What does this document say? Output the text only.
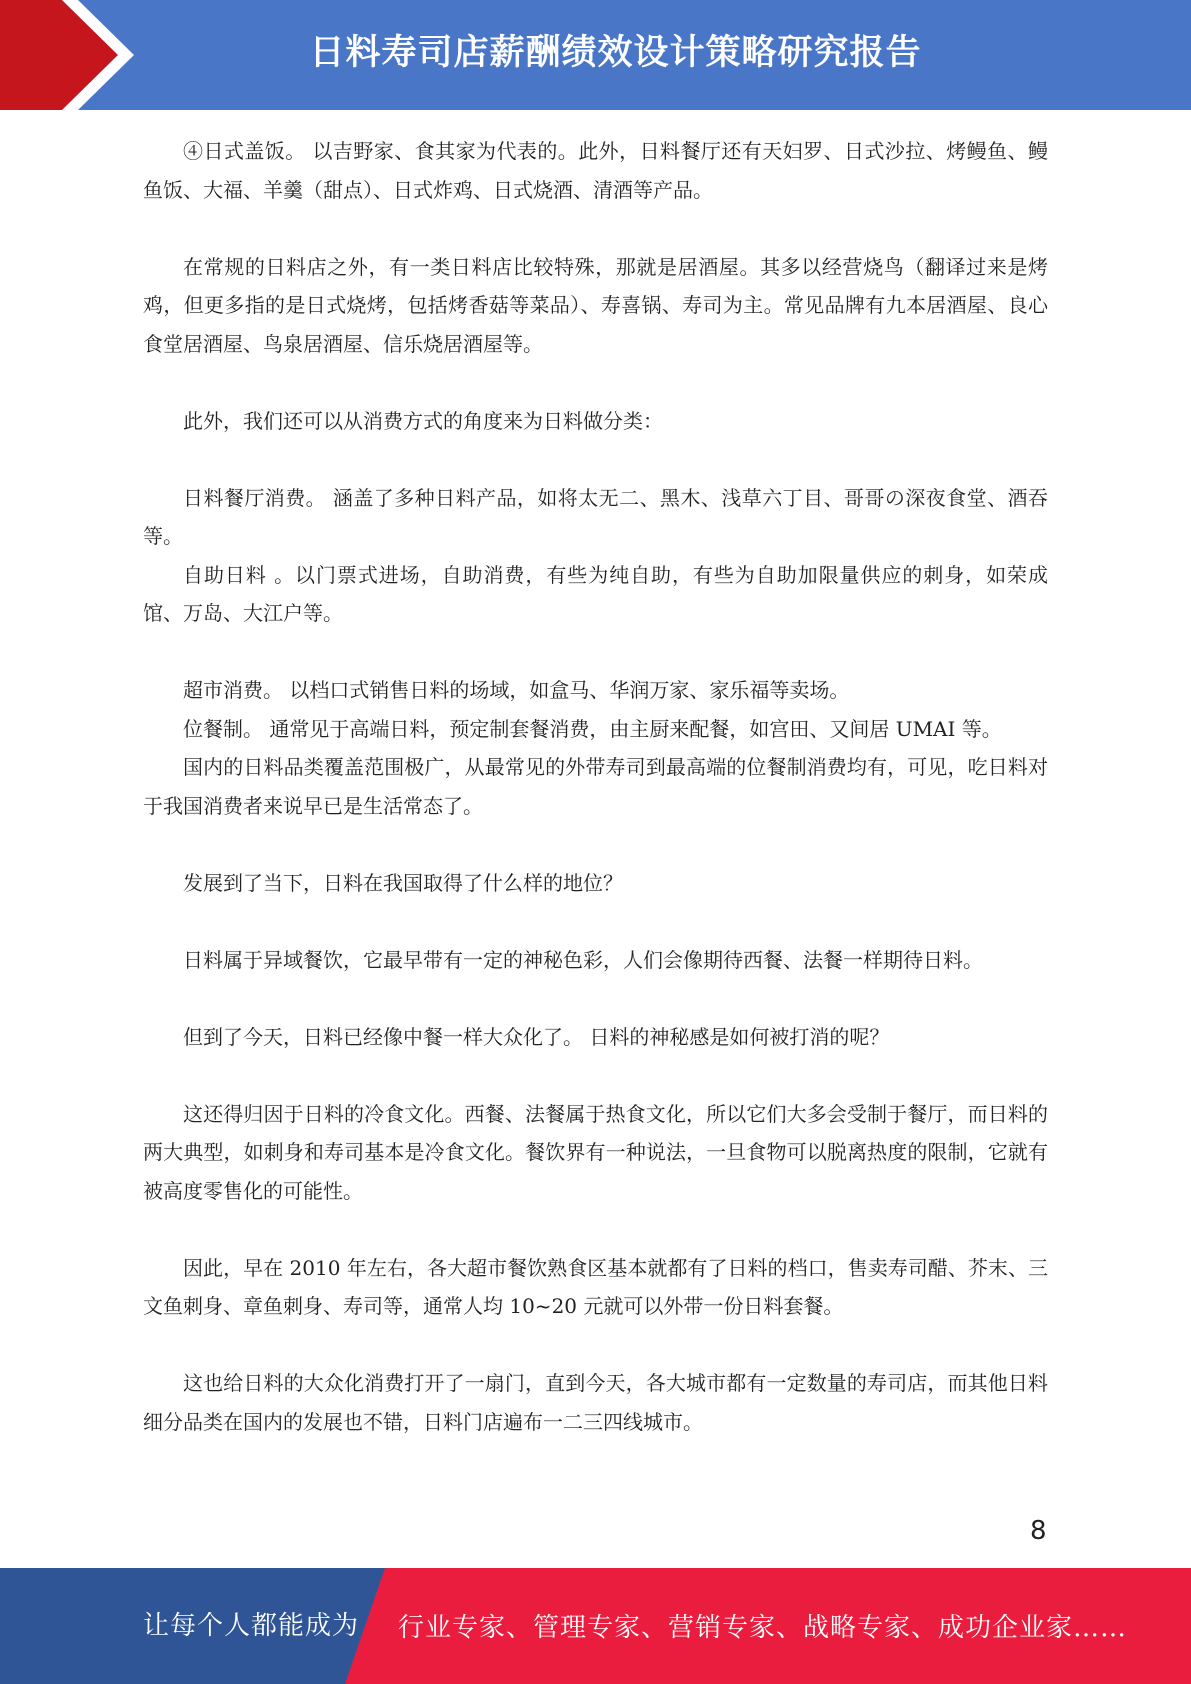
日料寿司店薪酬绩效设计策略研究报告

④日式盖饭。 以吉野家、食其家为代表的。此外，日料餐厅还有天妇罗、日式沙拉、烤鳗鱼、鳗鱼饭、大福、羊羹（甜点）、日式炸鸡、日式烧酒、清酒等产品。

在常规的日料店之外，有一类日料店比较特殊，那就是居酒屋。其多以经营烧鸟（翻译过来是烤鸡，但更多指的是日式烧烤，包括烤香菇等菜品）、寿喜锅、寿司为主。常见品牌有九本居酒屋、良心食堂居酒屋、鸟泉居酒屋、信乐烧居酒屋等。

此外，我们还可以从消费方式的角度来为日料做分类：

日料餐厅消费。 涵盖了多种日料产品，如将太无二、黑木、浅草六丁目、哥哥の深夜食堂、酒吞等。

自助日料 。以门票式进场，自助消费，有些为纯自助，有些为自助加限量供应的刺身，如荣成馆、万岛、大江户等。

超市消费。 以档口式销售日料的场域，如盒马、华润万家、家乐福等卖场。

位餐制。 通常见于高端日料，预定制套餐消费，由主厨来配餐，如宫田、又间居 UMAI 等。

国内的日料品类覆盖范围极广，从最常见的外带寿司到最高端的位餐制消费均有，可见，吃日料对于我国消费者来说早已是生活常态了。

发展到了当下，日料在我国取得了什么样的地位？

日料属于异域餐饮，它最早带有一定的神秘色彩，人们会像期待西餐、法餐一样期待日料。

但到了今天，日料已经像中餐一样大众化了。 日料的神秘感是如何被打消的呢？

这还得归因于日料的冷食文化。西餐、法餐属于热食文化，所以它们大多会受制于餐厅，而日料的两大典型，如刺身和寿司基本是冷食文化。餐饮界有一种说法，一旦食物可以脱离热度的限制，它就有被高度零售化的可能性。

因此，早在 2010 年左右，各大超市餐饮熟食区基本就都有了日料的档口，售卖寿司醋、芥末、三文鱼刺身、章鱼刺身、寿司等，通常人均 10~20 元就可以外带一份日料套餐。

这也给日料的大众化消费打开了一扇门，直到今天，各大城市都有一定数量的寿司店，而其他日料细分品类在国内的发展也不错，日料门店遍布一二三四线城市。

8
让每个人都能成为 行业专家、管理专家、营销专家、战略专家、成功企业家……
